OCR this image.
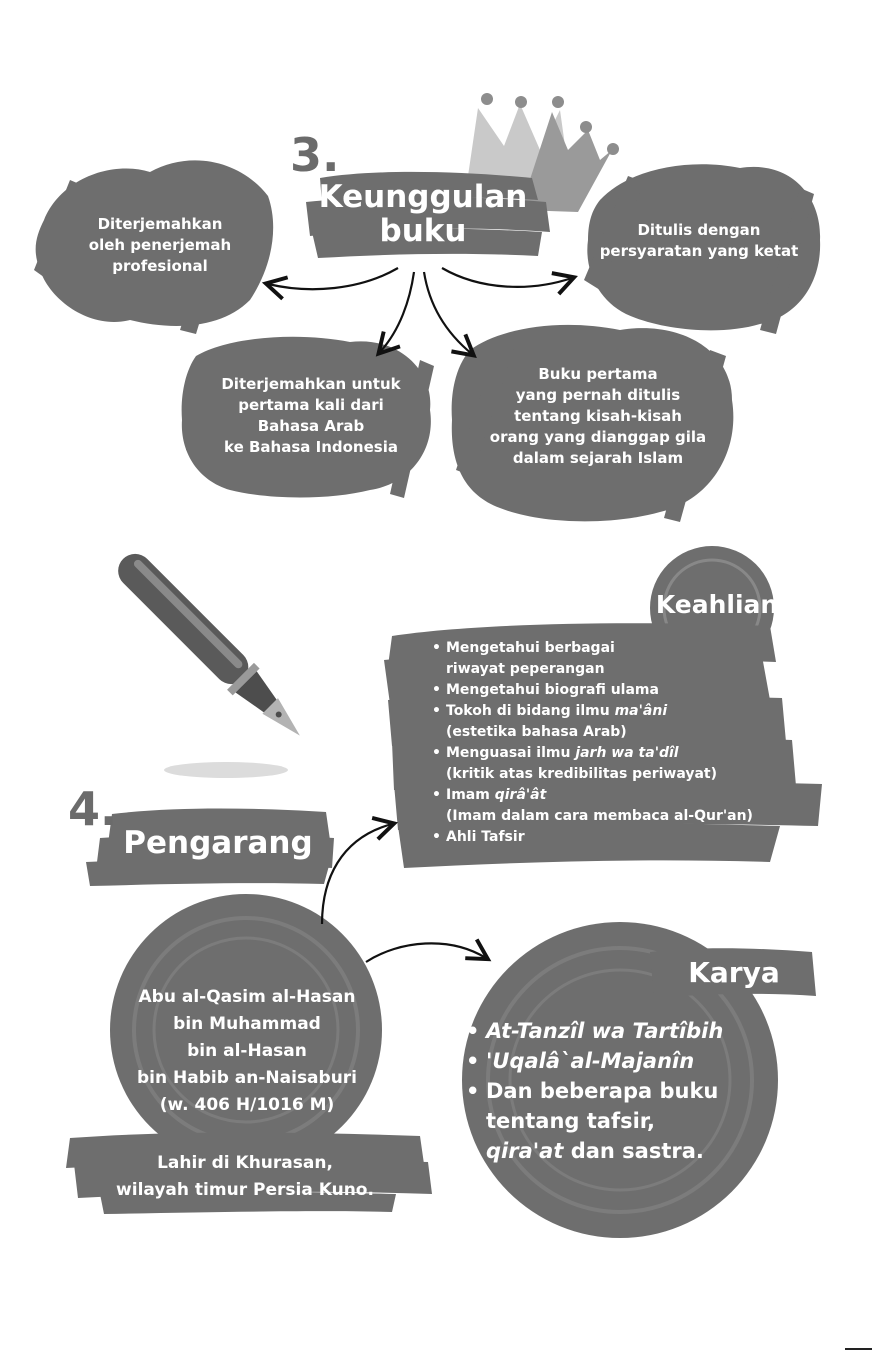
3.
Keunggulan
buku
Diterjemahkan
oleh penerjemah
profesional
Ditulis dengan
persyaratan yang ketat
Diterjemahkan untuk
pertama kali dari
Bahasa Arab
ke Bahasa Indonesia
Buku pertama
yang pernah ditulis
tentang kisah-kisah
orang yang dianggap gila
dalam sejarah Islam
Keahlian
• Mengetahui berbagai
riwayat peperangan
• Mengetahui biografi ulama
• Tokoh di bidang ilmu ma'âni
(estetika bahasa Arab)
• Menguasai ilmu jarh wa ta'dîl
(kritik atas kredibilitas periwayat)
• Imam qirâ'ât
(Imam dalam cara membaca al-Qur'an)
• Ahli Tafsir
4.
Pengarang
Abu al-Qasim al-Hasan
bin Muhammad
bin al-Hasan
bin Habib an-Naisaburi
(w. 406 H/1016 M)
Lahir di Khurasan,
wilayah timur Persia Kuno.
Karya
• At-Tanzîl wa Tartîbih
• 'Uqalâ`al-Majanîn
• Dan beberapa buku
tentang tafsir,
qira'at dan sastra.
